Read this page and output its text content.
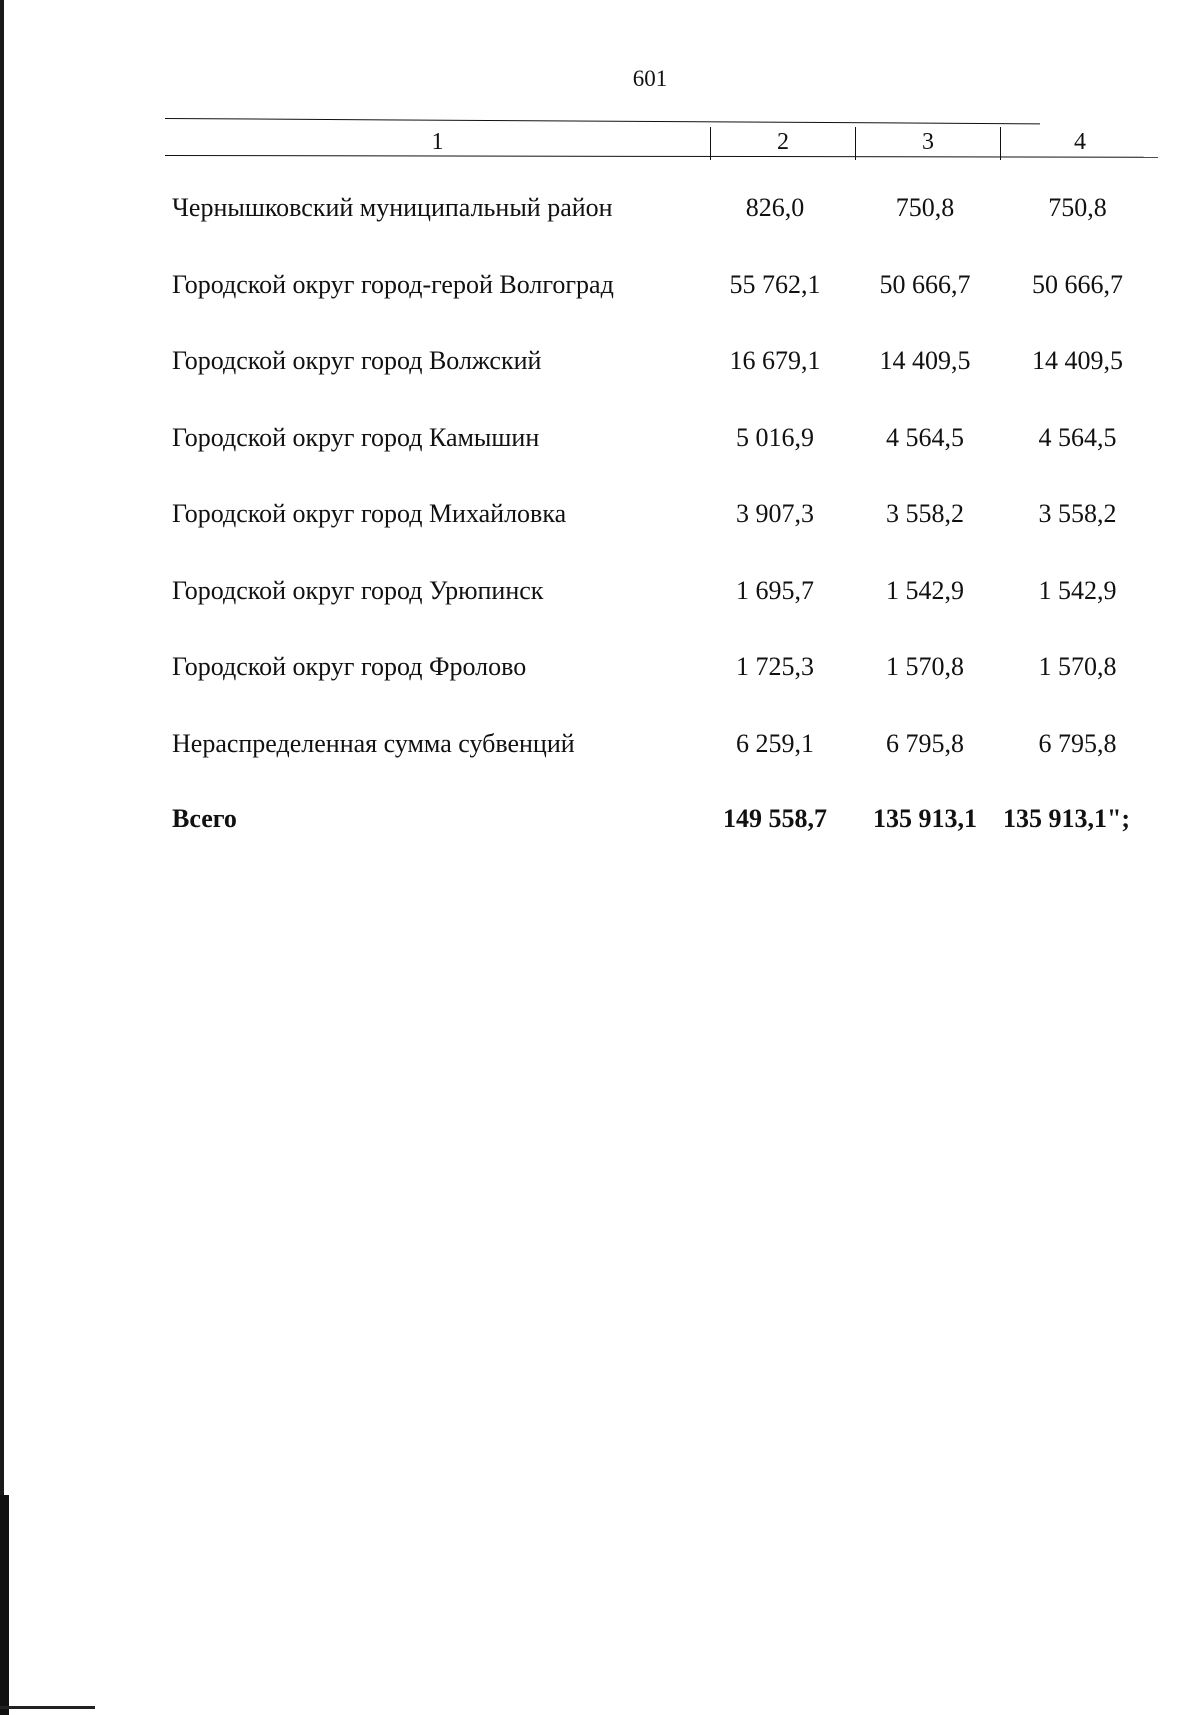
601
1	2	3	4
Чернышковский муниципальный район	826,0	750,8	750,8
Городской округ город-герой Волгоград	55 762,1	50 666,7	50 666,7
Городской округ город Волжский	16 679,1	14 409,5	14 409,5
Городской округ город Камышин	5 016,9	4 564,5	4 564,5
Городской округ город Михайловка	3 907,3	3 558,2	3 558,2
Городской округ город Урюпинск	1 695,7	1 542,9	1 542,9
Городской округ город Фролово	1 725,3	1 570,8	1 570,8
Нераспределенная сумма субвенций	6 259,1	6 795,8	6 795,8
Всего	149 558,7	135 913,1	135 913,1";
